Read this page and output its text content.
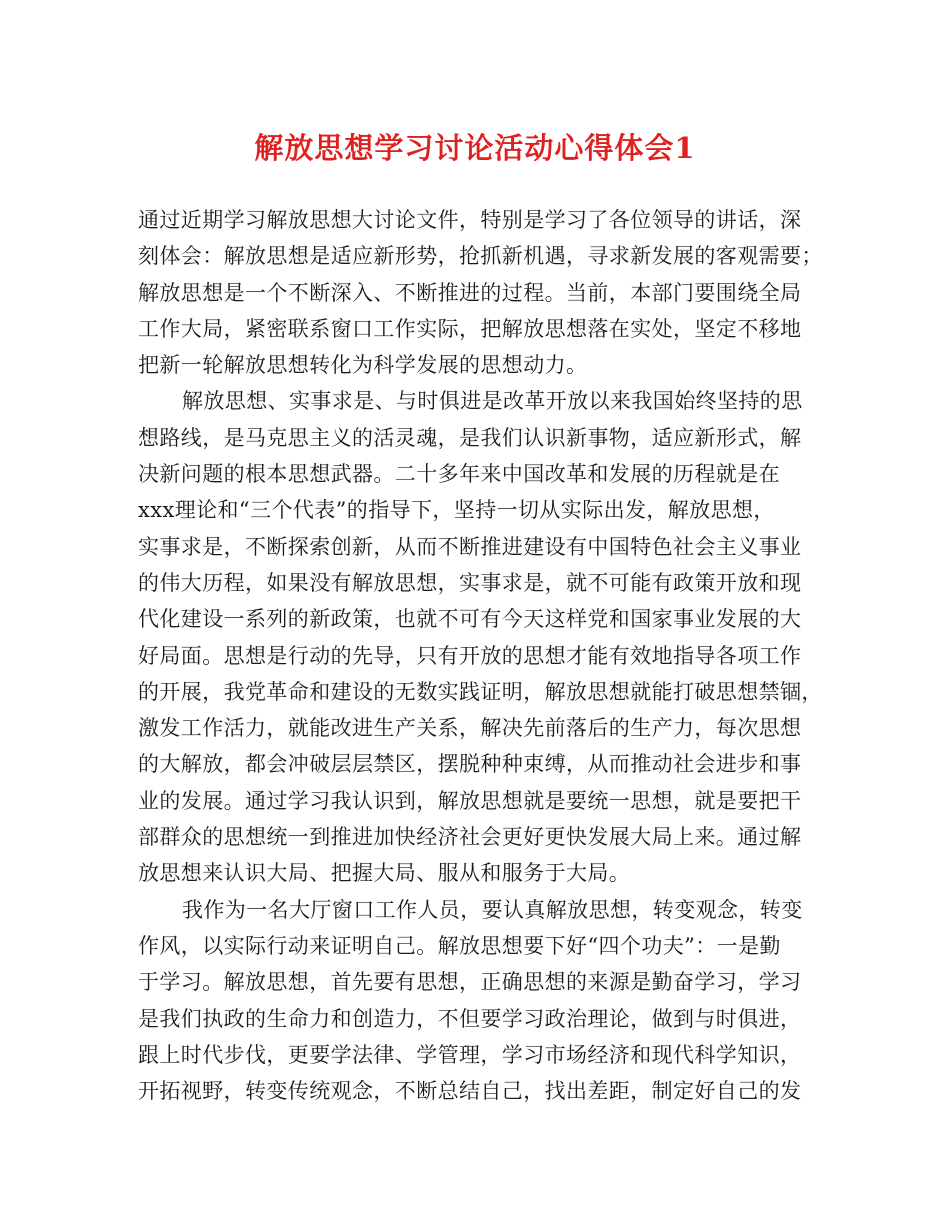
解放思想学习讨论活动心得体会1
通过近期学习解放思想大讨论文件，特别是学习了各位领导的讲话，深
刻体会：解放思想是适应新形势，抢抓新机遇，寻求新发展的客观需要；
解放思想是一个不断深入、不断推进的过程。当前，本部门要围绕全局
工作大局，紧密联系窗口工作实际，把解放思想落在实处，坚定不移地
把新一轮解放思想转化为科学发展的思想动力。
解放思想、实事求是、与时俱进是改革开放以来我国始终坚持的思
想路线，是马克思主义的活灵魂，是我们认识新事物，适应新形式，解
决新问题的根本思想武器。二十多年来中国改革和发展的历程就是在
xxx理论和“三个代表”的指导下，坚持一切从实际出发，解放思想，
实事求是，不断探索创新，从而不断推进建设有中国特色社会主义事业
的伟大历程，如果没有解放思想，实事求是，就不可能有政策开放和现
代化建设一系列的新政策，也就不可有今天这样党和国家事业发展的大
好局面。思想是行动的先导，只有开放的思想才能有效地指导各项工作
的开展，我党革命和建设的无数实践证明，解放思想就能打破思想禁锢，
激发工作活力，就能改进生产关系，解决先前落后的生产力，每次思想
的大解放，都会冲破层层禁区，摆脱种种束缚，从而推动社会进步和事
业的发展。通过学习我认识到，解放思想就是要统一思想，就是要把干
部群众的思想统一到推进加快经济社会更好更快发展大局上来。通过解
放思想来认识大局、把握大局、服从和服务于大局。
我作为一名大厅窗口工作人员，要认真解放思想，转变观念，转变
作风，以实际行动来证明自己。解放思想要下好“四个功夫”：一是勤
于学习。解放思想，首先要有思想，正确思想的来源是勤奋学习，学习
是我们执政的生命力和创造力，不但要学习政治理论，做到与时俱进，
跟上时代步伐，更要学法律、学管理，学习市场经济和现代科学知识，
开拓视野，转变传统观念，不断总结自己，找出差距，制定好自己的发
